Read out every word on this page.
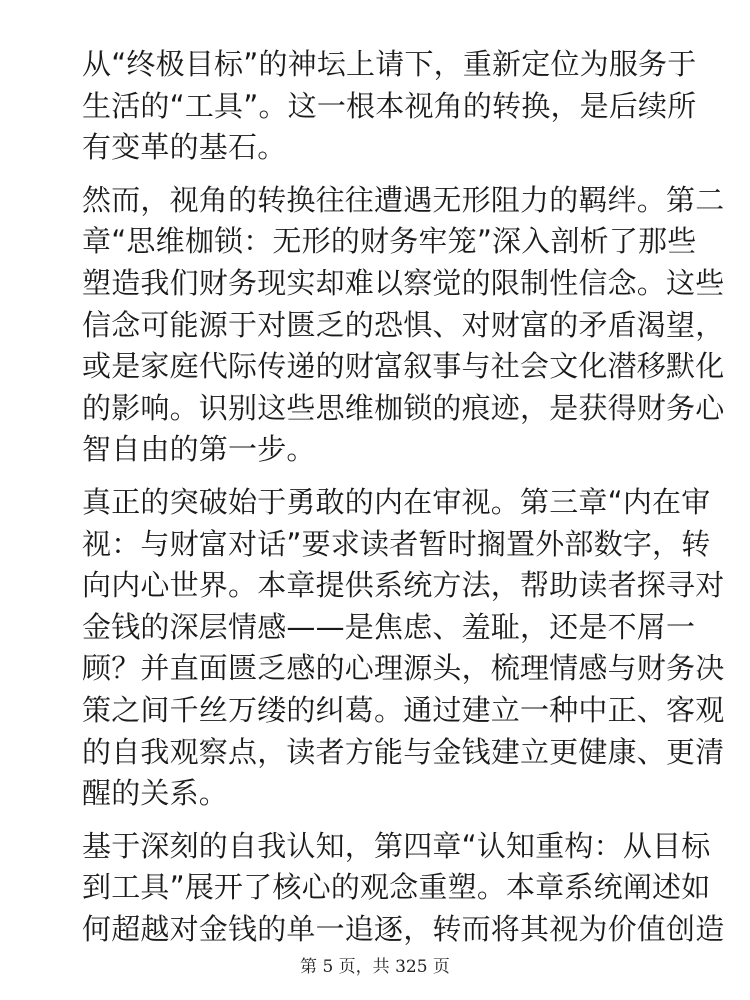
从“终极目标”的神坛上请下，重新定位为服务于
生活的“工具”。这一根本视角的转换，是后续所
有变革的基石。

然而，视角的转换往往遭遇无形阻力的羁绊。第二
章“思维枷锁：无形的财务牢笼”深入剖析了那些
塑造我们财务现实却难以察觉的限制性信念。这些
信念可能源于对匮乏的恐惧、对财富的矛盾渴望，
或是家庭代际传递的财富叙事与社会文化潜移默化
的影响。识别这些思维枷锁的痕迹，是获得财务心
智自由的第一步。

真正的突破始于勇敢的内在审视。第三章“内在审
视：与财富对话”要求读者暂时搁置外部数字，转
向内心世界。本章提供系统方法，帮助读者探寻对
金钱的深层情感——是焦虑、羞耻，还是不屑一
顾？并直面匮乏感的心理源头，梳理情感与财务决
策之间千丝万缕的纠葛。通过建立一种中正、客观
的自我观察点，读者方能与金钱建立更健康、更清
醒的关系。

基于深刻的自我认知，第四章“认知重构：从目标
到工具”展开了核心的观念重塑。本章系统阐述如
何超越对金钱的单一追逐，转而将其视为价值创造

第 5 页，共 325 页
